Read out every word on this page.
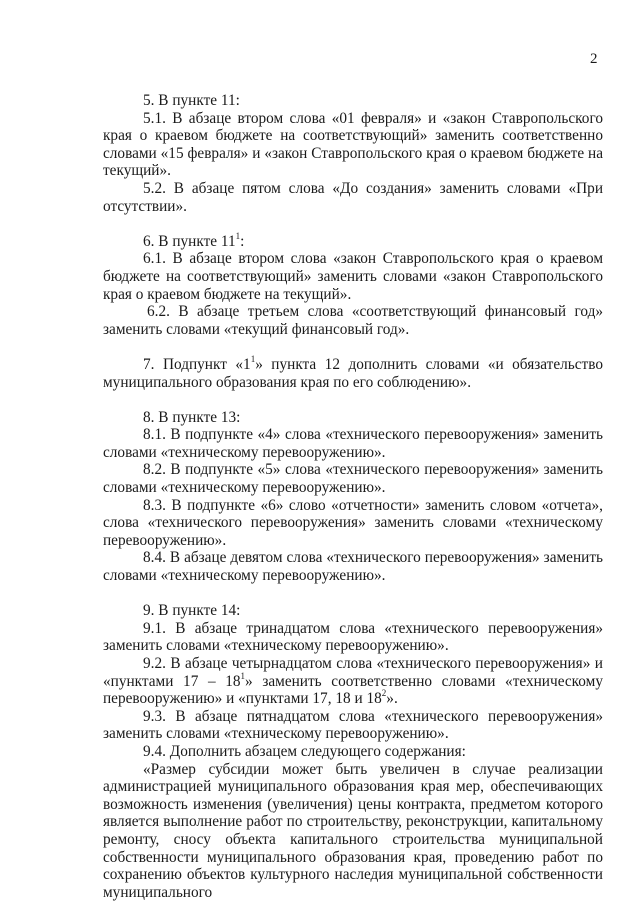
2

5. В пункте 11:

5.1. В абзаце втором слова «01 февраля» и «закон Ставропольского края о краевом бюджете на соответствующий» заменить соответственно словами «15 февраля» и «закон Ставропольского края о краевом бюджете на текущий».

5.2. В абзаце пятом слова «До создания» заменить словами «При отсутствии».

6. В пункте $11^1$:

6.1. В абзаце втором слова «закон Ставропольского края о краевом бюджете на соответствующий» заменить словами «закон Ставропольского края о краевом бюджете на текущий».

6.2. В абзаце третьем слова «соответствующий финансовый год» заменить словами «текущий финансовый год».

7. Подпункт «$1^1$» пункта 12 дополнить словами «и обязательство муниципального образования края по его соблюдению».

8. В пункте 13:

8.1. В подпункте «4» слова «технического перевооружения» заменить словами «техническому перевооружению».

8.2. В подпункте «5» слова «технического перевооружения» заменить словами «техническому перевооружению».

8.3. В подпункте «6» слово «отчетности» заменить словом «отчета», слова «технического перевооружения» заменить словами «техническому перевооружению».

8.4. В абзаце девятом слова «технического перевооружения» заменить словами «техническому перевооружению».

9. В пункте 14:

9.1. В абзаце тринадцатом слова «технического перевооружения» заменить словами «техническому перевооружению».

9.2. В абзаце четырнадцатом слова «технического перевооружения» и «пунктами $17 - 18^1$» заменить соответственно словами «техническому перевооружению» и «пунктами 17, 18 и $18^2$».

9.3. В абзаце пятнадцатом слова «технического перевооружения» заменить словами «техническому перевооружению».

9.4. Дополнить абзацем следующего содержания:

«Размер субсидии может быть увеличен в случае реализации администрацией муниципального образования края мер, обеспечивающих возможность изменения (увеличения) цены контракта, предметом которого является выполнение работ по строительству, реконструкции, капитальному ремонту, сносу объекта капитального строительства муниципальной собственности муниципального образования края, проведению работ по сохранению объектов культурного наследия муниципальной собственности муниципального
